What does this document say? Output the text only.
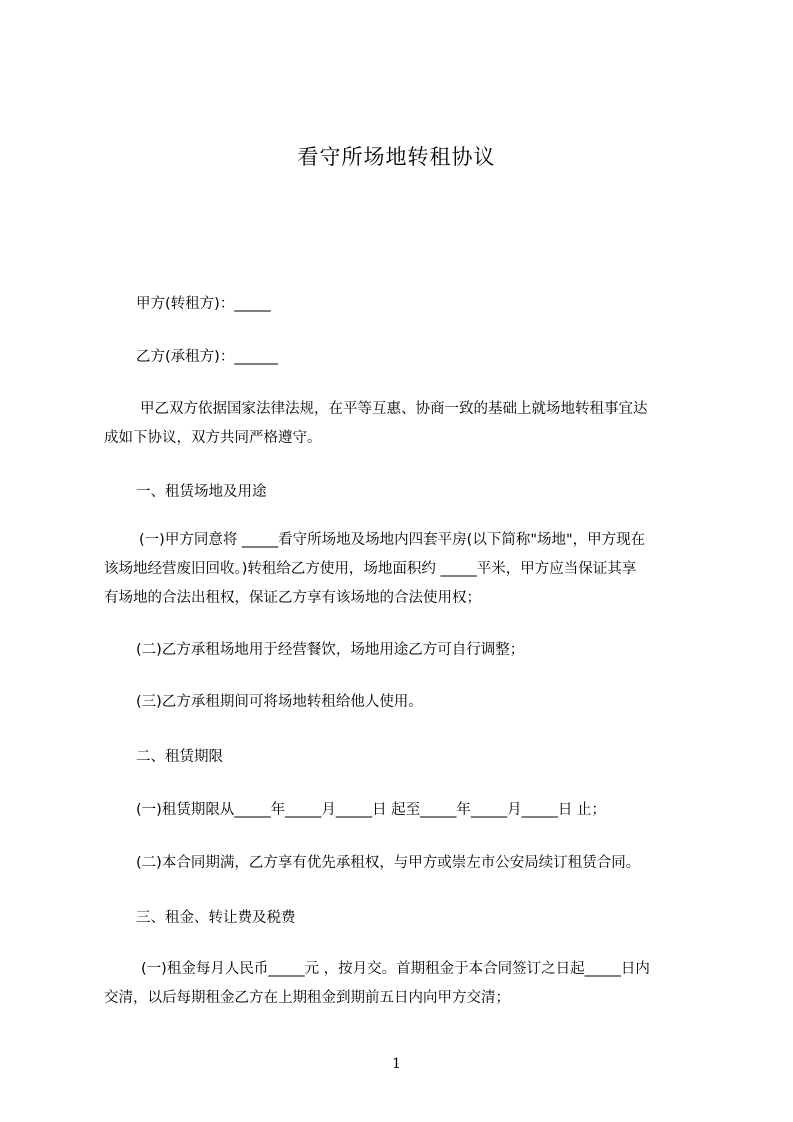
看守所场地转租协议
甲方(转租方)：_____
乙方(承租方)：______
甲乙双方依据国家法律法规，在平等互惠、协商一致的基础上就场地转租事宜达
成如下协议，双方共同严格遵守。
一、租赁场地及用途
(一)甲方同意将 _____看守所场地及场地内四套平房(以下简称"场地"，甲方现在
该场地经营废旧回收。)转租给乙方使用，场地面积约 _____平米，甲方应当保证其享
有场地的合法出租权，保证乙方享有该场地的合法使用权；
(二)乙方承租场地用于经营餐饮，场地用途乙方可自行调整；
(三)乙方承租期间可将场地转租给他人使用。
二、租赁期限
(一)租赁期限从_____年_____月_____日 起至_____年_____月_____日 止；
(二)本合同期满，乙方享有优先承租权，与甲方或崇左市公安局续订租赁合同。
三、租金、转让费及税费
(一)租金每月人民币_____元 ，按月交。首期租金于本合同签订之日起_____日内
交清，以后每期租金乙方在上期租金到期前五日内向甲方交清；
1
